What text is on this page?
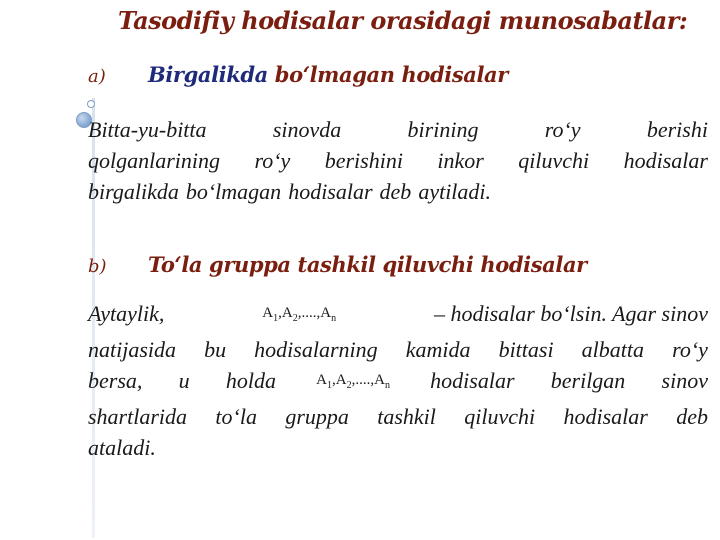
Tasodifiy hodisalar orasidagi munosabatlar:
a) Birgalikda bo‘lmagan hodisalar
Bitta-yu-bitta	sinovda	birining	ro‘y	berishi
qolganlarining ro‘y berishini inkor qiluvchi hodisalar
birgalikda bo‘lmagan hodisalar deb aytiladi.
b) To‘la gruppa tashkil qiluvchi hodisalar
Aytaylik,	$A_1,A_2,....,A_n$	– hodisalar bo‘lsin. Agar sinov
natijasida bu hodisalarning kamida bittasi albatta ro‘y
bersa, u holda	$A_1,A_2,....,A_n$ hodisalar berilgan sinov
shartlarida to‘la gruppa tashkil qiluvchi hodisalar deb
ataladi.
